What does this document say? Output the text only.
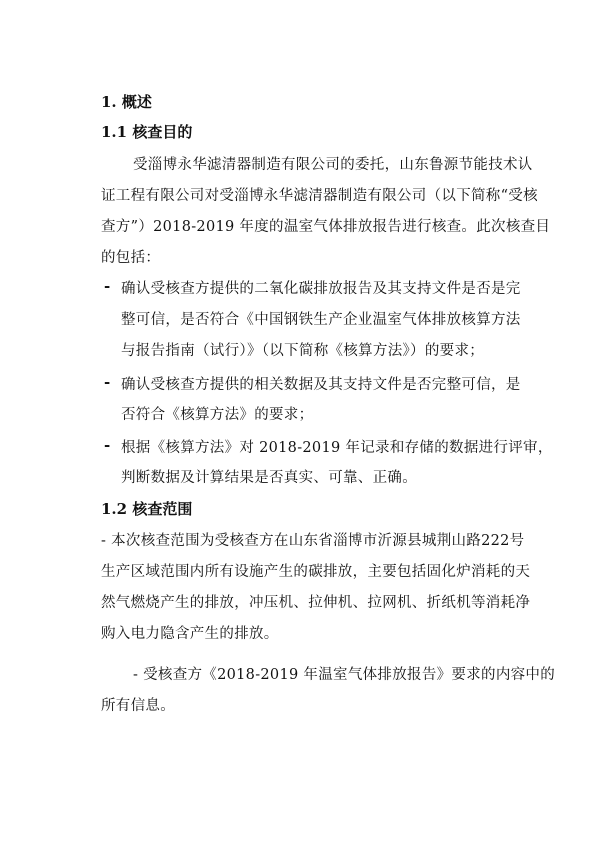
1. 概述
1.1 核查目的
受淄博永华滤清器制造有限公司的委托，山东鲁源节能技术认
证工程有限公司对受淄博永华滤清器制造有限公司（以下简称“受核
查方”）2018-2019 年度的温室气体排放报告进行核查。此次核查目
的包括：
- 确认受核查方提供的二氧化碳排放报告及其支持文件是否是完
整可信，是否符合《中国钢铁生产企业温室气体排放核算方法
与报告指南（试行）》（以下简称《核算方法》）的要求；
- 确认受核查方提供的相关数据及其支持文件是否完整可信，是
否符合《核算方法》的要求；
- 根据《核算方法》对 2018-2019 年记录和存储的数据进行评审，
判断数据及计算结果是否真实、可靠、正确。
1.2 核查范围
- 本次核查范围为受核查方在山东省淄博市沂源县城荆山路222号
生产区域范围内所有设施产生的碳排放，主要包括固化炉消耗的天
然气燃烧产生的排放，冲压机、拉伸机、拉网机、折纸机等消耗净
购入电力隐含产生的排放。
- 受核查方《2018-2019 年温室气体排放报告》要求的内容中的
所有信息。
